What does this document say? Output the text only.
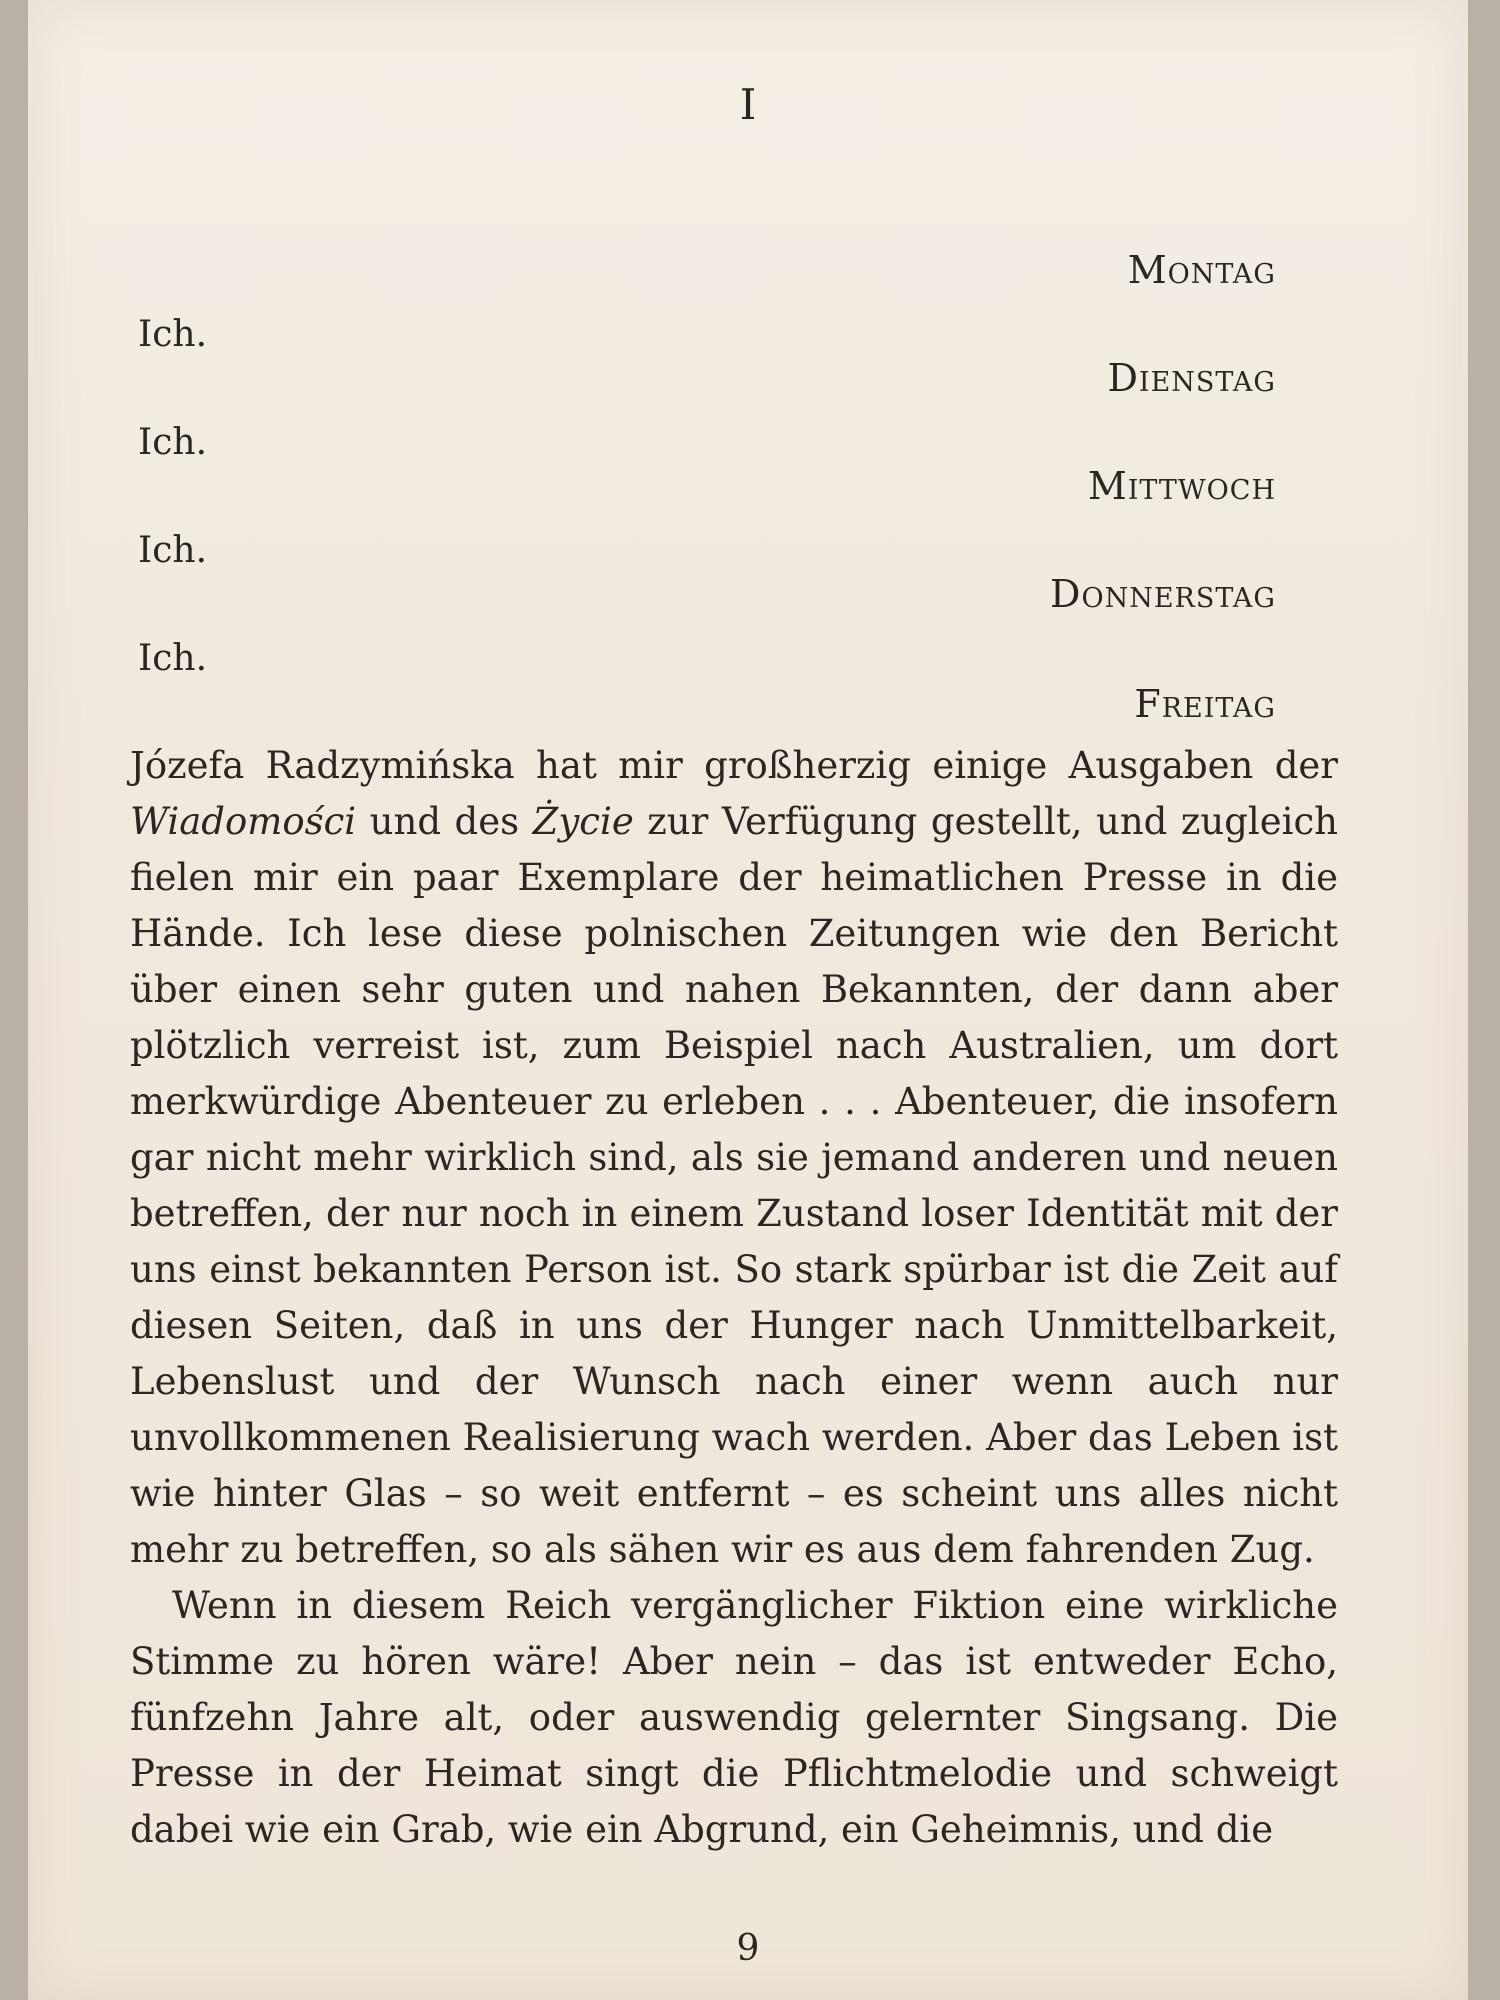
I
Montag
Ich.
Dienstag
Ich.
Mittwoch
Ich.
Donnerstag
Ich.
Freitag

Józefa Radzymińska hat mir großherzig einige Ausgaben der Wiadomości und des Życie zur Verfügung gestellt, und zugleich fielen mir ein paar Exemplare der heimatlichen Presse in die Hände. Ich lese diese polnischen Zeitungen wie den Bericht über einen sehr guten und nahen Bekannten, der dann aber plötzlich verreist ist, zum Beispiel nach Australien, um dort merkwürdige Abenteuer zu erleben . . . Abenteuer, die insofern gar nicht mehr wirklich sind, als sie jemand anderen und neuen betreffen, der nur noch in einem Zustand loser Identität mit der uns einst bekannten Person ist. So stark spürbar ist die Zeit auf diesen Seiten, daß in uns der Hunger nach Unmittelbarkeit, Lebenslust und der Wunsch nach einer wenn auch nur unvollkommenen Realisierung wach werden. Aber das Leben ist wie hinter Glas – so weit entfernt – es scheint uns alles nicht mehr zu betreffen, so als sähen wir es aus dem fahrenden Zug.

Wenn in diesem Reich vergänglicher Fiktion eine wirkliche Stimme zu hören wäre! Aber nein – das ist entweder Echo, fünfzehn Jahre alt, oder auswendig gelernter Singsang. Die Presse in der Heimat singt die Pflichtmelodie und schweigt dabei wie ein Grab, wie ein Abgrund, ein Geheimnis, und die

9
